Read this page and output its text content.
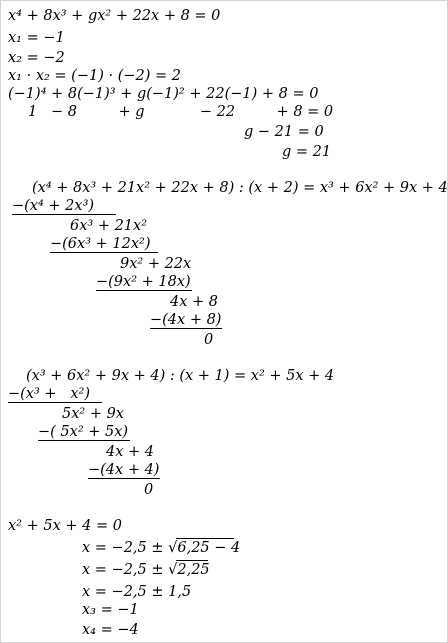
x⁴ + 8x³ + gx² + 22x + 8 = 0
x₁ = −1
x₂ = −2
x₁ · x₂ = (−1) · (−2) = 2
(−1)⁴ + 8(−1)³ + g(−1)² + 22(−1) + 8 = 0
1   − 8         + g            − 22         + 8 = 0
g − 21 = 0
g = 21
(x⁴ + 8x³ + 21x² + 22x + 8) : (x + 2) = x³ + 6x² + 9x + 4
−(x⁴ + 2x³)
6x³ + 21x²
−(6x³ + 12x²)
9x² + 22x
−(9x² + 18x)
4x + 8
−(4x + 8)
0
(x³ + 6x² + 9x + 4) : (x + 1) = x² + 5x + 4
−(x³ +   x²)
5x² + 9x
−( 5x² + 5x)
4x + 4
−(4x + 4)
0
x² + 5x + 4 = 0
x = −2,5 ± √6,25 − 4
x = −2,5 ± √2,25
x = −2,5 ± 1,5
x₃ = −1
x₄ = −4
